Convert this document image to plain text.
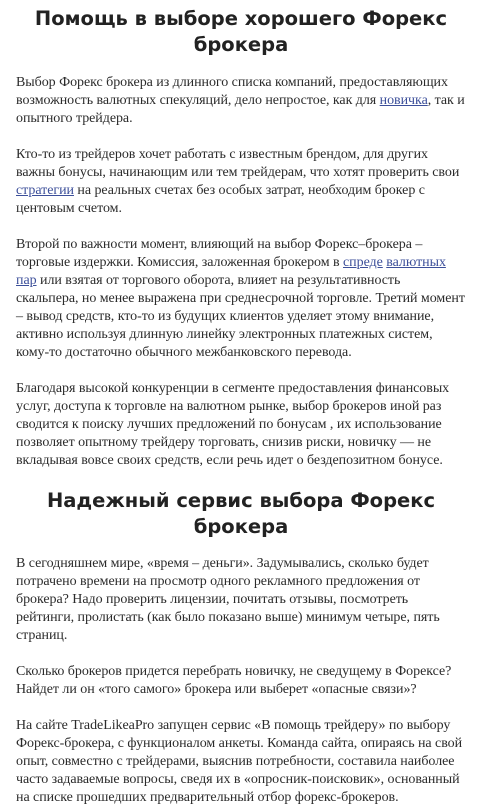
Помощь в выборе хорошего Форекс брокера

Выбор Форекс брокера из длинного списка компаний, предоставляющих возможность валютных спекуляций, дело непростое, как для новичка, так и опытного трейдера.

Кто-то из трейдеров хочет работать с известным брендом, для других важны бонусы, начинающим или тем трейдерам, что хотят проверить свои стратегии на реальных счетах без особых затрат, необходим брокер с центовым счетом.

Второй по важности момент, влияющий на выбор Форекс–брокера – торговые издержки. Комиссия, заложенная брокером в спреде валютных пар или взятая от торгового оборота, влияет на результативность скальпера, но менее выражена при среднесрочной торговле. Третий момент – вывод средств, кто-то из будущих клиентов уделяет этому внимание, активно используя длинную линейку электронных платежных систем, кому-то достаточно обычного межбанковского перевода.

Благодаря высокой конкуренции в сегменте предоставления финансовых услуг, доступа к торговле на валютном рынке, выбор брокеров иной раз сводится к поиску лучших предложений по бонусам , их использование позволяет опытному трейдеру торговать, снизив риски, новичку — не вкладывая вовсе своих средств, если речь идет о бездепозитном бонусе.

Надежный сервис выбора Форекс брокера

В сегодняшнем мире, «время – деньги». Задумывались, сколько будет потрачено времени на просмотр одного рекламного предложения от брокера? Надо проверить лицензии, почитать отзывы, посмотреть рейтинги, пролистать (как было показано выше) минимум четыре, пять страниц.

Сколько брокеров придется перебрать новичку, не сведущему в Форексе? Найдет ли он «того самого» брокера или выберет «опасные связи»?

На сайте TradeLikeaPro запущен сервис «В помощь трейдеру» по выбору Форекс-брокера, с функционалом анкеты. Команда сайта, опираясь на свой опыт, совместно с трейдерами, выяснив потребности, составила наиболее часто задаваемые вопросы, сведя их в «опросник-поисковик», основанный на списке прошедших предварительный отбор форекс-брокеров.
